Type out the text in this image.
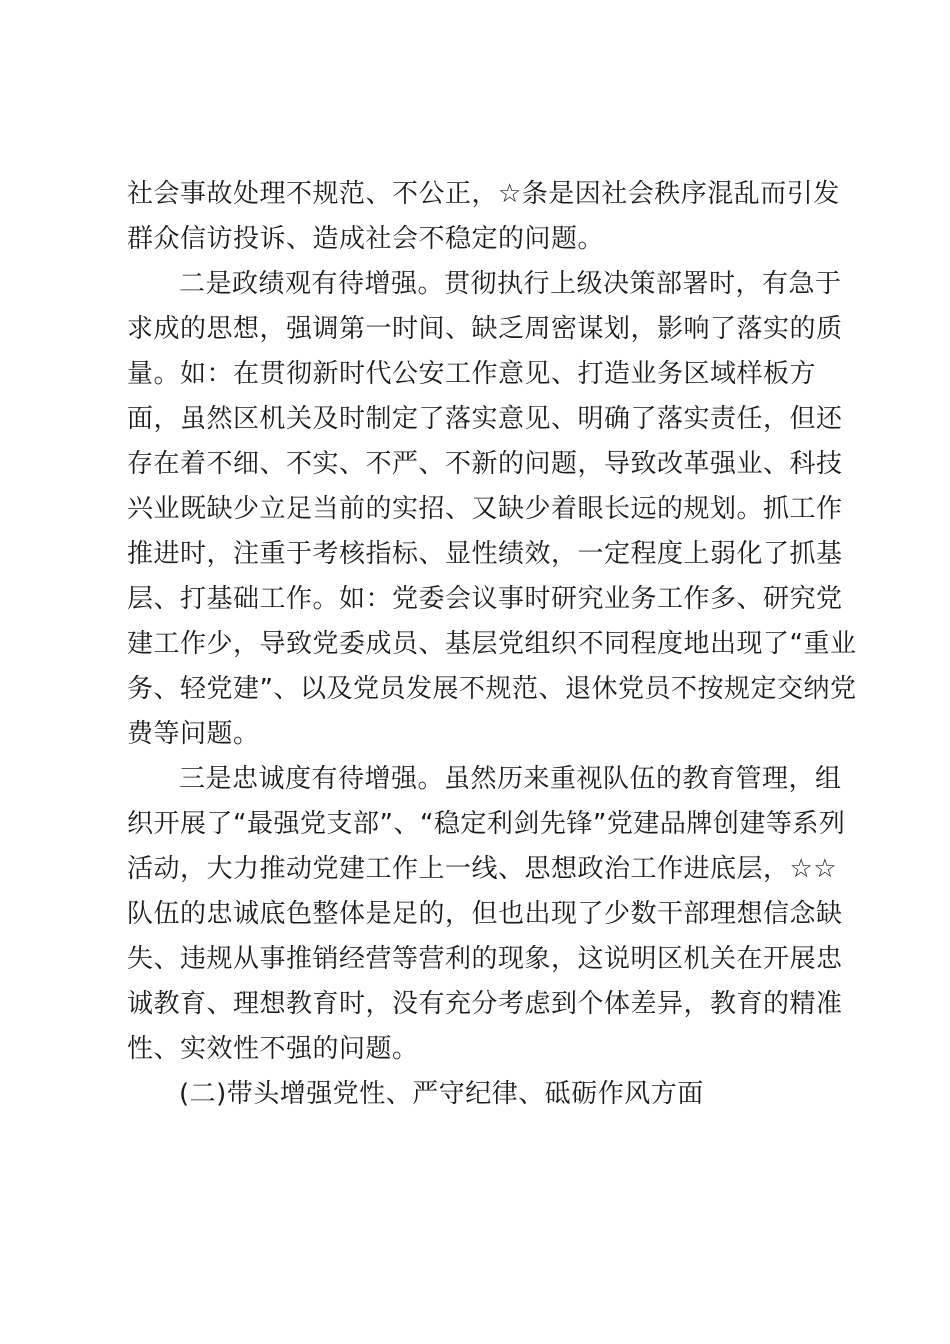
社会事故处理不规范、不公正，☆条是因社会秩序混乱而引发
群众信访投诉、造成社会不稳定的问题。
二是政绩观有待增强。贯彻执行上级决策部署时，有急于
求成的思想，强调第一时间、缺乏周密谋划，影响了落实的质
量。如：在贯彻新时代公安工作意见、打造业务区域样板方
面，虽然区机关及时制定了落实意见、明确了落实责任，但还
存在着不细、不实、不严、不新的问题，导致改革强业、科技
兴业既缺少立足当前的实招、又缺少着眼长远的规划。抓工作
推进时，注重于考核指标、显性绩效，一定程度上弱化了抓基
层、打基础工作。如：党委会议事时研究业务工作多、研究党
建工作少，导致党委成员、基层党组织不同程度地出现了“重业
务、轻党建”、以及党员发展不规范、退休党员不按规定交纳党
费等问题。
三是忠诚度有待增强。虽然历来重视队伍的教育管理，组
织开展了“最强党支部”、“稳定利剑先锋”党建品牌创建等系列
活动，大力推动党建工作上一线、思想政治工作进底层，☆☆
队伍的忠诚底色整体是足的，但也出现了少数干部理想信念缺
失、违规从事推销经营等营利的现象，这说明区机关在开展忠
诚教育、理想教育时，没有充分考虑到个体差异，教育的精准
性、实效性不强的问题。
(二)带头增强党性、严守纪律、砥砺作风方面
